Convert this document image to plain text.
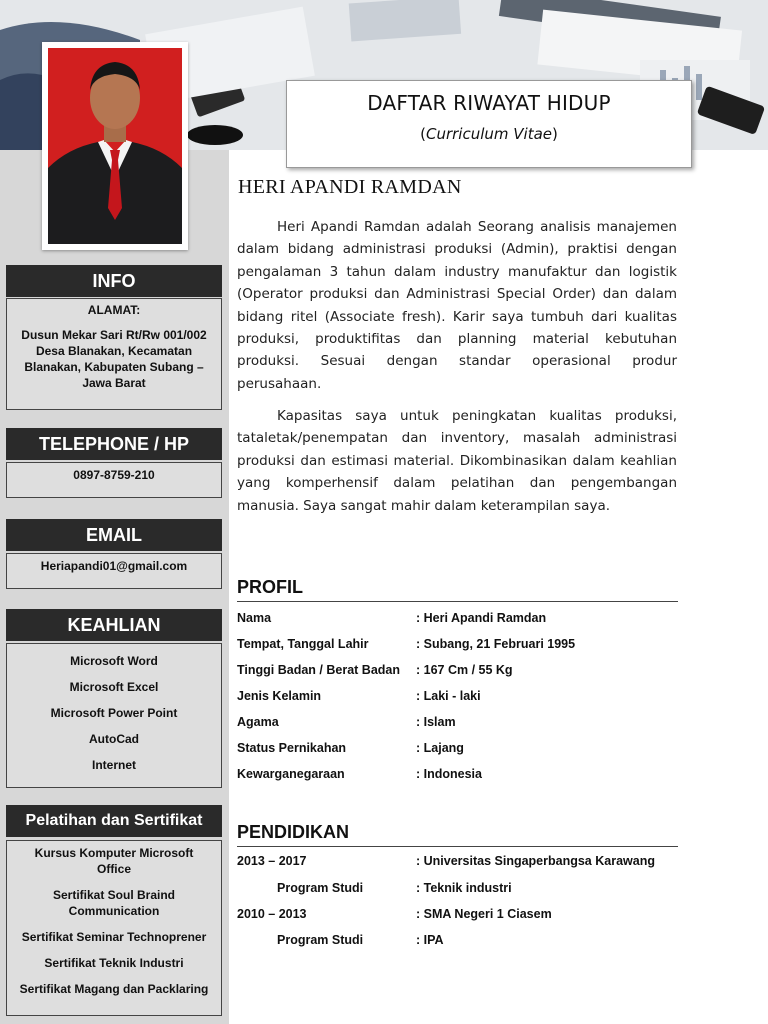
DAFTAR RIWAYAT HIDUP
(Curriculum Vitae)
INFO
ALAMAT:
Dusun Mekar Sari Rt/Rw 001/002
Desa Blanakan, Kecamatan
Blanakan, Kabupaten Subang –
Jawa Barat
TELEPHONE / HP
0897-8759-210
EMAIL
Heriapandi01@gmail.com
KEAHLIAN
Microsoft Word
Microsoft Excel
Microsoft Power Point
AutoCad
Internet
Pelatihan dan Sertifikat
Kursus Komputer Microsoft
Office
Sertifikat Soul Braind
Communication
Sertifikat Seminar Technoprener
Sertifikat Teknik Industri
Sertifikat Magang dan Packlaring
HERI APANDI RAMDAN

Heri Apandi Ramdan adalah Seorang analisis manajemen dalam bidang administrasi produksi (Admin), praktisi dengan pengalaman 3 tahun dalam industry manufaktur dan logistik (Operator produksi dan Administrasi Special Order) dan dalam bidang ritel (Associate fresh). Karir saya tumbuh dari kualitas produksi, produktifitas dan planning material kebutuhan produksi. Sesuai dengan standar operasional produr perusahaan.

Kapasitas saya untuk peningkatan kualitas produksi, tataletak/penempatan dan inventory, masalah administrasi produksi dan estimasi material. Dikombinasikan dalam keahlian yang komperhensif dalam pelatihan dan pengembangan manusia. Saya sangat mahir dalam keterampilan saya.

PROFIL
Nama	: Heri Apandi Ramdan
Tempat, Tanggal Lahir	: Subang, 21 Februari 1995
Tinggi Badan / Berat Badan : 167 Cm / 55 Kg
Jenis Kelamin	: Laki - laki
Agama	: Islam
Status Pernikahan	: Lajang
Kewarganegaraan	: Indonesia
PENDIDIKAN
2013 – 2017	: Universitas Singaperbangsa Karawang
Program Studi	: Teknik industri
2010 – 2013	: SMA Negeri 1 Ciasem
Program Studi	: IPA
